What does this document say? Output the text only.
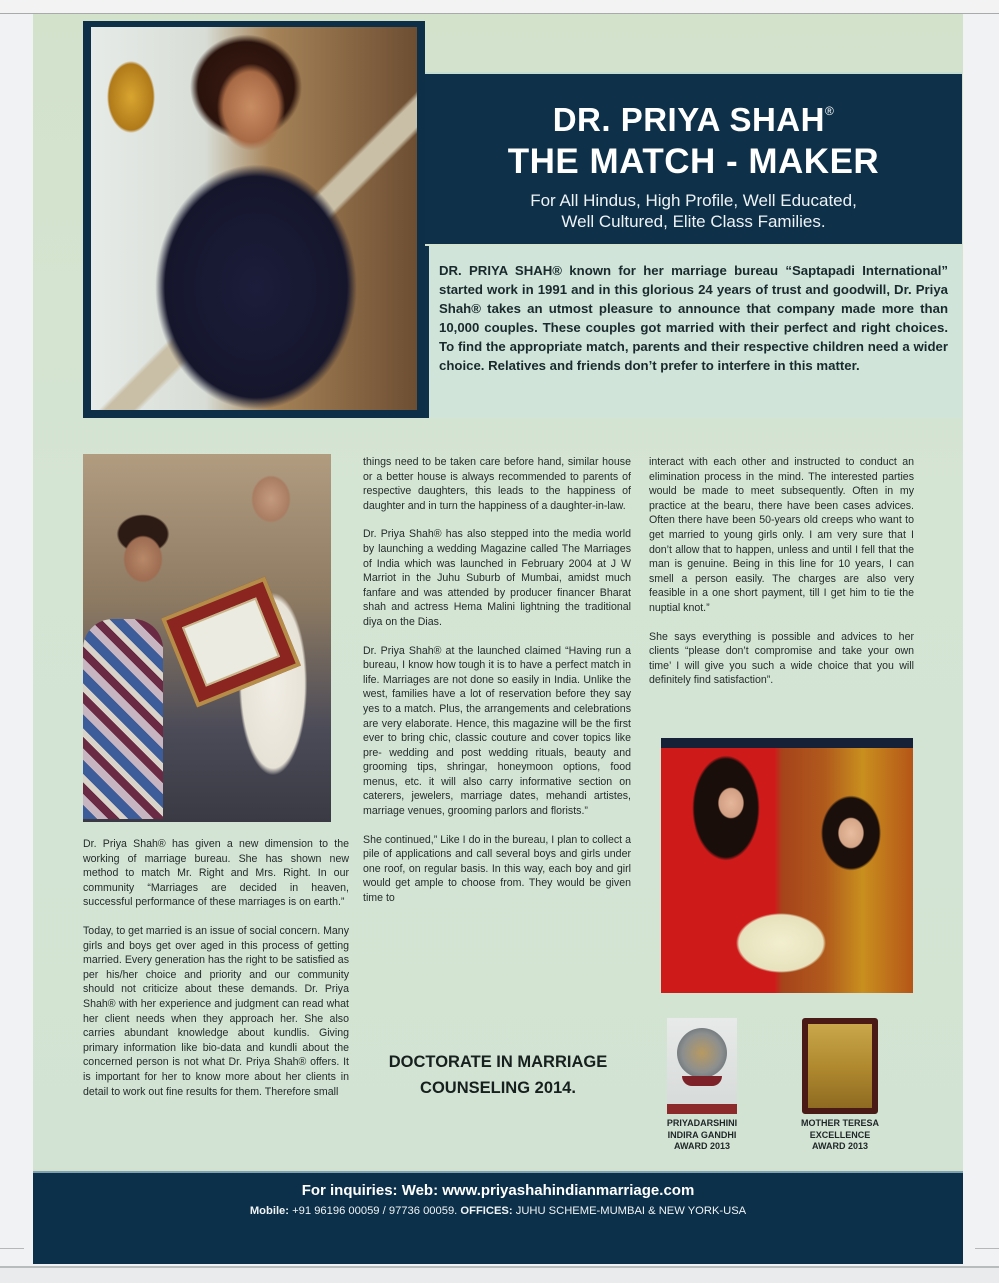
DR. PRIYA SHAH®
THE MATCH - MAKER
For All Hindus, High Profile, Well Educated,
Well Cultured, Elite Class Families.

DR. PRIYA SHAH® known for her marriage bureau “Saptapadi International” started work in 1991 and in this glorious 24 years of trust and goodwill, Dr. Priya Shah® takes an utmost pleasure to announce that company made more than 10,000 couples. These couples got married with their perfect and right choices. To find the appropriate match, parents and their respective children need a wider choice. Relatives and friends don’t prefer to interfere in this matter.

Dr. Priya Shah® has given a new dimension to the working of marriage bureau. She has shown new method to match Mr. Right and Mrs. Right. In our community “Marriages are decided in heaven, successful performance of these marriages is on earth.”

Today, to get married is an issue of social concern. Many girls and boys get over aged in this process of getting married. Every generation has the right to be satisfied as per his/her choice and priority and our community should not criticize about these demands. Dr. Priya Shah® with her experience and judgment can read what her client needs when they approach her. She also carries abundant knowledge about kundlis. Giving primary information like bio-data and kundli about the concerned person is not what Dr. Priya Shah® offers. It is important for her to know more about her clients in detail to work out fine results for them. Therefore small

things need to be taken care before hand, similar house or a better house is always recommended to parents of respective daughters, this leads to the happiness of daughter and in turn the happiness of a daughter-in-law.

Dr. Priya Shah® has also stepped into the media world by launching a wedding Magazine called The Marriages of India which was launched in February 2004 at J W Marriot in the Juhu Suburb of Mumbai, amidst much fanfare and was attended by producer financer Bharat shah and actress Hema Malini lightning the traditional diya on the Dias.

Dr. Priya Shah® at the launched claimed “Having run a bureau, I know how tough it is to have a perfect match in life. Marriages are not done so easily in India. Unlike the west, families have a lot of reservation before they say yes to a match. Plus, the arrangements and celebrations are very elaborate. Hence, this magazine will be the first ever to bring chic, classic couture and cover topics like pre- wedding and post wedding rituals, beauty and grooming tips, shringar, honeymoon options, food menus, etc. it will also carry informative section on caterers, jewelers, marriage dates, mehandi artistes, marriage venues, grooming parlors and florists.”

She continued,” Like I do in the bureau, I plan to collect a pile of applications and call several boys and girls under one roof, on regular basis. In this way, each boy and girl would get ample to choose from. They would be given time to

interact with each other and instructed to conduct an elimination process in the mind. The interested parties would be made to meet subsequently. Often in my practice at the bearu, there have been cases advices. Often there have been 50-years old creeps who want to get married to young girls only. I am very sure that I don’t allow that to happen, unless and until I fell that the man is genuine. Being in this line for 10 years, I can smell a person easily. The charges are also very feasible in a one short payment, till I get him to tie the nuptial knot.”

She says everything is possible and advices to her clients “please don’t compromise and take your own time’ I will give you such a wide choice that you will definitely find satisfaction”.

DOCTORATE IN MARRIAGE
COUNSELING 2014.
PRIYADARSHINI
INDIRA GANDHI
AWARD 2013
MOTHER TERESA
EXCELLENCE
AWARD 2013
For inquiries: Web: www.priyashahindianmarriage.com
Mobile: +91 96196 00059 / 97736 00059. OFFICES: JUHU SCHEME-MUMBAI & NEW YORK-USA
